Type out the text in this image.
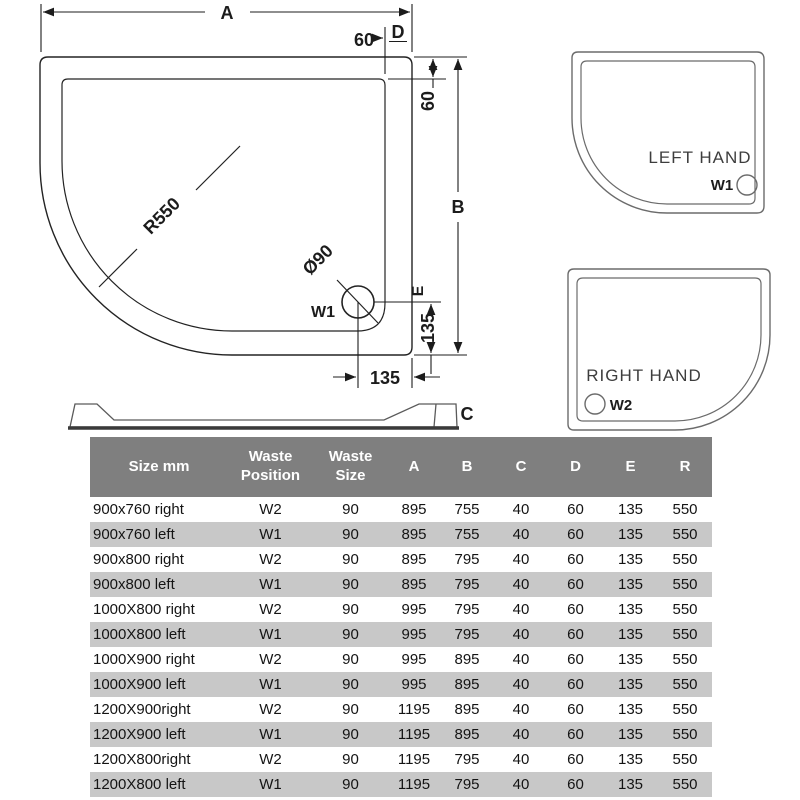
A
60 D
60
B
R550
Ø90
W1
135
E
135
C
LEFT HAND
W1
RIGHT HAND
W2
Size mm	Waste Position	Waste Size	A	B	C	D	E	R
900x760 right	W2	90	895	755	40	60	135	550
900x760 left	W1	90	895	755	40	60	135	550
900x800 right	W2	90	895	795	40	60	135	550
900x800 left	W1	90	895	795	40	60	135	550
1000X800 right	W2	90	995	795	40	60	135	550
1000X800 left	W1	90	995	795	40	60	135	550
1000X900 right	W2	90	995	895	40	60	135	550
1000X900 left	W1	90	995	895	40	60	135	550
1200X900right	W2	90	1195	895	40	60	135	550
1200X900 left	W1	90	1195	895	40	60	135	550
1200X800right	W2	90	1195	795	40	60	135	550
1200X800 left	W1	90	1195	795	40	60	135	550
